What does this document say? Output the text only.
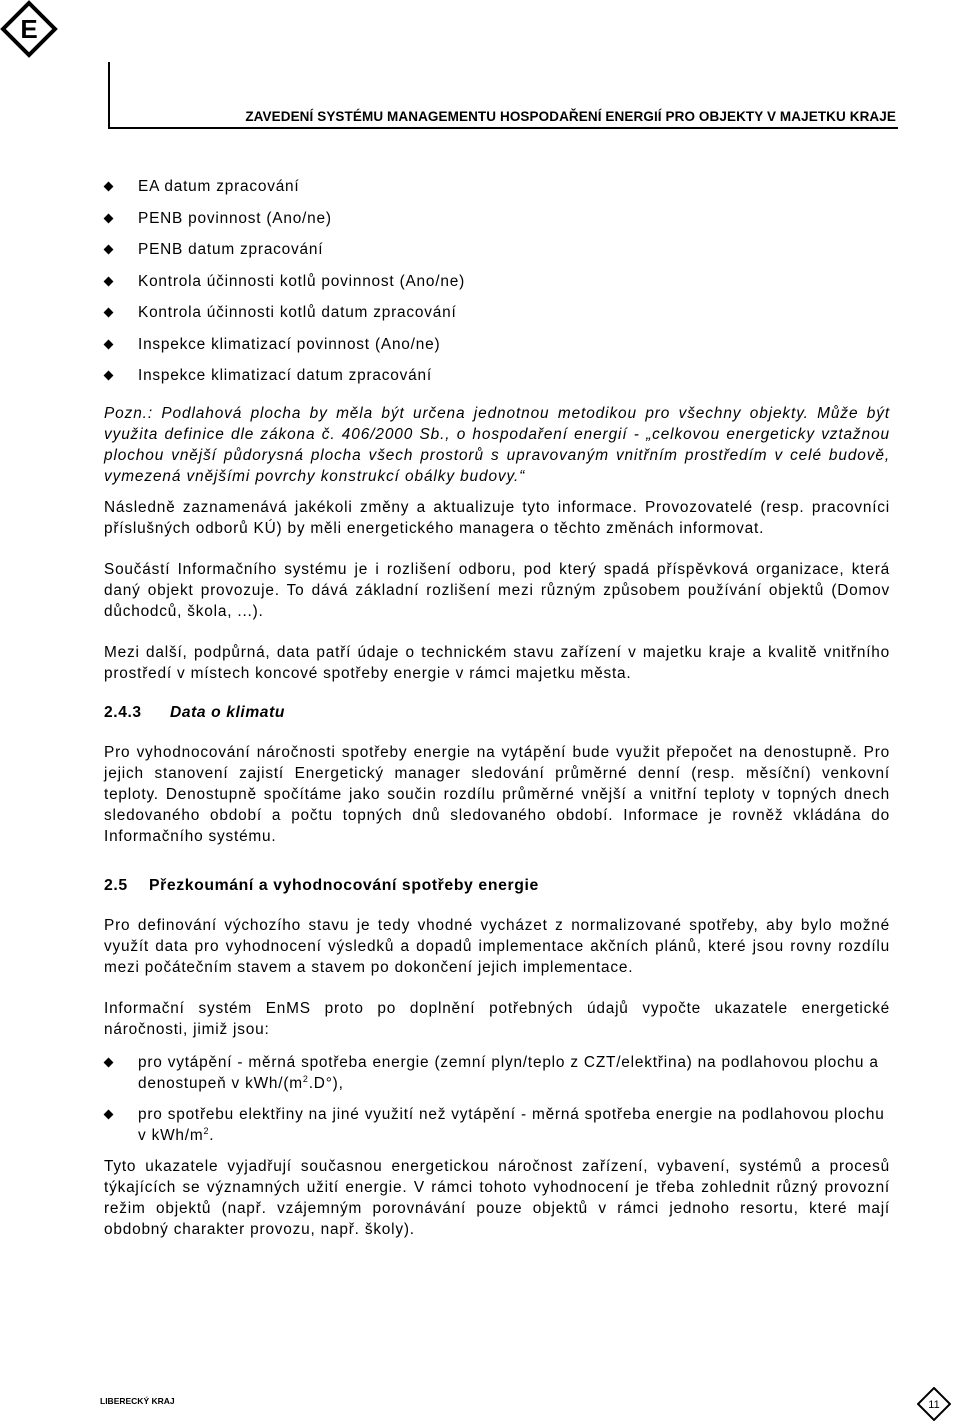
E
ZAVEDENÍ SYSTÉMU MANAGEMENTU HOSPODAŘENÍ ENERGIÍ PRO OBJEKTY V MAJETKU KRAJE
EA datum zpracování
PENB povinnost (Ano/ne)
PENB datum zpracování
Kontrola účinnosti kotlů povinnost (Ano/ne)
Kontrola účinnosti kotlů datum zpracování
Inspekce klimatizací povinnost (Ano/ne)
Inspekce klimatizací datum zpracování

Pozn.: Podlahová plocha by měla být určena jednotnou metodikou pro všechny objekty. Může být využita definice dle zákona č. 406/2000 Sb., o hospodaření energií - „celkovou energeticky vztažnou plochou vnější půdorysná plocha všech prostorů s upravovaným vnitřním prostředím v celé budově, vymezená vnějšími povrchy konstrukcí obálky budovy.“

Následně zaznamenává jakékoli změny a aktualizuje tyto informace. Provozovatelé (resp. pracovníci příslušných odborů KÚ) by měli energetického managera o těchto změnách informovat.

Součástí Informačního systému je i rozlišení odboru, pod který spadá příspěvková organizace, která daný objekt provozuje. To dává základní rozlišení mezi různým způsobem používání objektů (Domov důchodců, škola, ...).

Mezi další, podpůrná, data patří údaje o technickém stavu zařízení v majetku kraje a kvalitě vnitřního prostředí v místech koncové spotřeby energie v rámci majetku města.

2.4.3 Data o klimatu

Pro vyhodnocování náročnosti spotřeby energie na vytápění bude využit přepočet na denostupně. Pro jejich stanovení zajistí Energetický manager sledování průměrné denní (resp. měsíční) venkovní teploty. Denostupně spočítáme jako součin rozdílu průměrné vnější a vnitřní teploty v topných dnech sledovaného období a počtu topných dnů sledovaného období. Informace je rovněž vkládána do Informačního systému.

2.5 Přezkoumání a vyhodnocování spotřeby energie

Pro definování výchozího stavu je tedy vhodné vycházet z normalizované spotřeby, aby bylo možné využít data pro vyhodnocení výsledků a dopadů implementace akčních plánů, které jsou rovny rozdílu mezi počátečním stavem a stavem po dokončení jejich implementace.

Informační systém EnMS proto po doplnění potřebných údajů vypočte ukazatele energetické náročnosti, jimiž jsou:

pro vytápění - měrná spotřeba energie (zemní plyn/teplo z CZT/elektřina) na podlahovou plochu a denostupeň v kWh/$(m^2.D^\circ)$,
pro spotřebu elektřiny na jiné využití než vytápění - měrná spotřeba energie na podlahovou plochu v kWh/$m^2$.

Tyto ukazatele vyjadřují současnou energetickou náročnost zařízení, vybavení, systémů a procesů týkajících se významných užití energie. V rámci tohoto vyhodnocení je třeba zohlednit různý provozní režim objektů (např. vzájemným porovnávání pouze objektů v rámci jednoho resortu, které mají obdobný charakter provozu, např. školy).

LIBERECKÝ KRAJ	11
